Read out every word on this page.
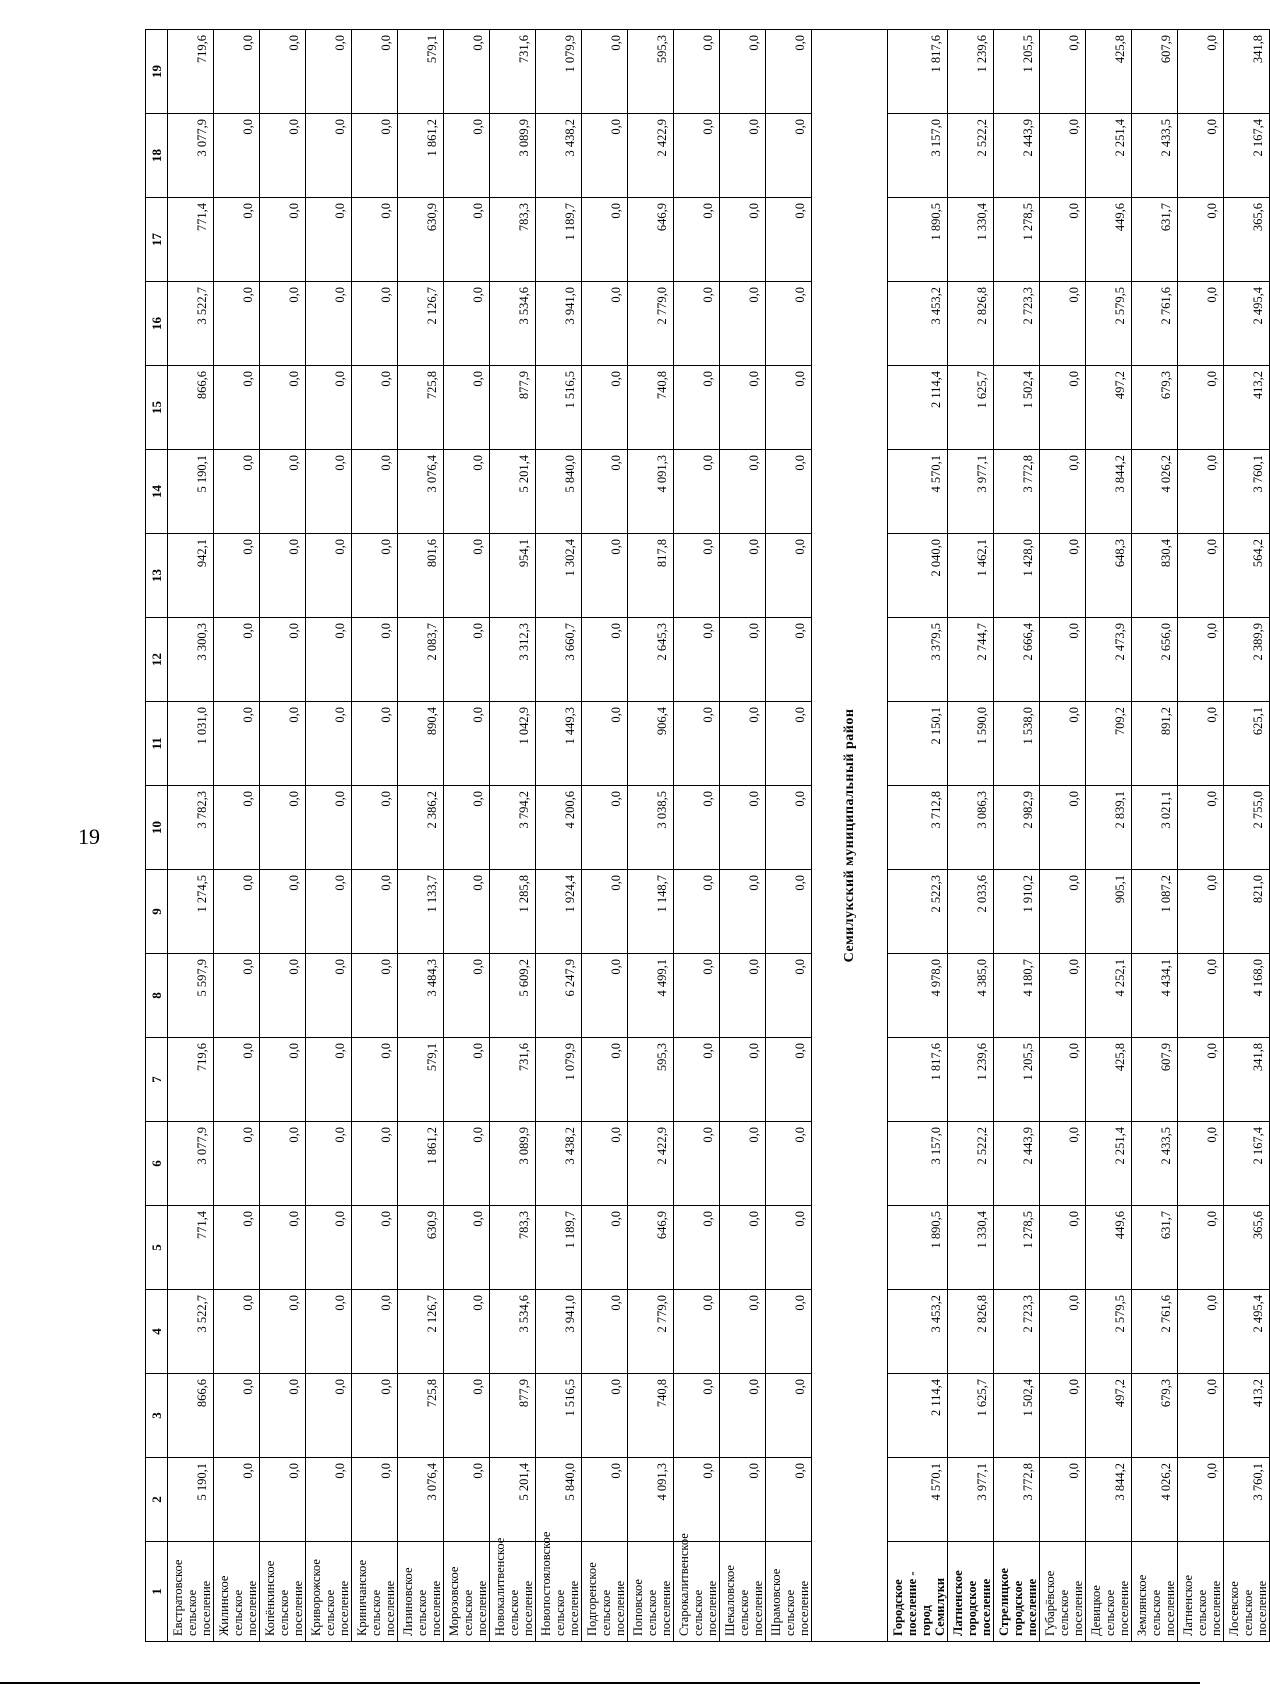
19
1	2	3	4	5	6	7	8	9	10	11	12	13	14	15	16	17	18	19
Евстратовское сельское поселение	5 190,1	866,6	3 522,7	771,4	3 077,9	719,6	5 597,9	1 274,5	3 782,3	1 031,0	3 300,3	942,1	5 190,1	866,6	3 522,7	771,4	3 077,9	719,6
Жилинское сельское поселение	0,0	0,0	0,0	0,0	0,0	0,0	0,0	0,0	0,0	0,0	0,0	0,0	0,0	0,0	0,0	0,0	0,0	0,0
Копёнкинское сельское поселение	0,0	0,0	0,0	0,0	0,0	0,0	0,0	0,0	0,0	0,0	0,0	0,0	0,0	0,0	0,0	0,0	0,0	0,0
Криворожское сельское поселение	0,0	0,0	0,0	0,0	0,0	0,0	0,0	0,0	0,0	0,0	0,0	0,0	0,0	0,0	0,0	0,0	0,0	0,0
Криничанское сельское поселение	0,0	0,0	0,0	0,0	0,0	0,0	0,0	0,0	0,0	0,0	0,0	0,0	0,0	0,0	0,0	0,0	0,0	0,0
Лизиновское сельское поселение	3 076,4	725,8	2 126,7	630,9	1 861,2	579,1	3 484,3	1 133,7	2 386,2	890,4	2 083,7	801,6	3 076,4	725,8	2 126,7	630,9	1 861,2	579,1
Морозовское сельское поселение	0,0	0,0	0,0	0,0	0,0	0,0	0,0	0,0	0,0	0,0	0,0	0,0	0,0	0,0	0,0	0,0	0,0	0,0
Новокалитвенское сельское поселение	5 201,4	877,9	3 534,6	783,3	3 089,9	731,6	5 609,2	1 285,8	3 794,2	1 042,9	3 312,3	954,1	5 201,4	877,9	3 534,6	783,3	3 089,9	731,6
Новопостояловское сельское поселение	5 840,0	1 516,5	3 941,0	1 189,7	3 438,2	1 079,9	6 247,9	1 924,4	4 200,6	1 449,3	3 660,7	1 302,4	5 840,0	1 516,5	3 941,0	1 189,7	3 438,2	1 079,9
Подгоренское сельское поселение	0,0	0,0	0,0	0,0	0,0	0,0	0,0	0,0	0,0	0,0	0,0	0,0	0,0	0,0	0,0	0,0	0,0	0,0
Поповское сельское поселение	4 091,3	740,8	2 779,0	646,9	2 422,9	595,3	4 499,1	1 148,7	3 038,5	906,4	2 645,3	817,8	4 091,3	740,8	2 779,0	646,9	2 422,9	595,3
Старокалитвенское сельское поселение	0,0	0,0	0,0	0,0	0,0	0,0	0,0	0,0	0,0	0,0	0,0	0,0	0,0	0,0	0,0	0,0	0,0	0,0
Шекаловское сельское поселение	0,0	0,0	0,0	0,0	0,0	0,0	0,0	0,0	0,0	0,0	0,0	0,0	0,0	0,0	0,0	0,0	0,0	0,0
Шрамовское сельское поселение	0,0	0,0	0,0	0,0	0,0	0,0	0,0	0,0	0,0	0,0	0,0	0,0	0,0	0,0	0,0	0,0	0,0	0,0
Семилукский муниципальный район																		
Городское поселение - город Семилуки	4 570,1	2 114,4	3 453,2	1 890,5	3 157,0	1 817,6	4 978,0	2 522,3	3 712,8	2 150,1	3 379,5	2 040,0	4 570,1	2 114,4	3 453,2	1 890,5	3 157,0	1 817,6
Латненское городское поселение	3 977,1	1 625,7	2 826,8	1 330,4	2 522,2	1 239,6	4 385,0	2 033,6	3 086,3	1 590,0	2 744,7	1 462,1	3 977,1	1 625,7	2 826,8	1 330,4	2 522,2	1 239,6
Стрелицкое городское поселение	3 772,8	1 502,4	2 723,3	1 278,5	2 443,9	1 205,5	4 180,7	1 910,2	2 982,9	1 538,0	2 666,4	1 428,0	3 772,8	1 502,4	2 723,3	1 278,5	2 443,9	1 205,5
Губарёвское сельское поселение	0,0	0,0	0,0	0,0	0,0	0,0	0,0	0,0	0,0	0,0	0,0	0,0	0,0	0,0	0,0	0,0	0,0	0,0
Девицкое сельское поселение	3 844,2	497,2	2 579,5	449,6	2 251,4	425,8	4 252,1	905,1	2 839,1	709,2	2 473,9	648,3	3 844,2	497,2	2 579,5	449,6	2 251,4	425,8
Землянское сельское поселение	4 026,2	679,3	2 761,6	631,7	2 433,5	607,9	4 434,1	1 087,2	3 021,1	891,2	2 656,0	830,4	4 026,2	679,3	2 761,6	631,7	2 433,5	607,9
Латненское сельское поселение	0,0	0,0	0,0	0,0	0,0	0,0	0,0	0,0	0,0	0,0	0,0	0,0	0,0	0,0	0,0	0,0	0,0	0,0
Лосевское сельское поселение	3 760,1	413,2	2 495,4	365,6	2 167,4	341,8	4 168,0	821,0	2 755,0	625,1	2 389,9	564,2	3 760,1	413,2	2 495,4	365,6	2 167,4	341,8
